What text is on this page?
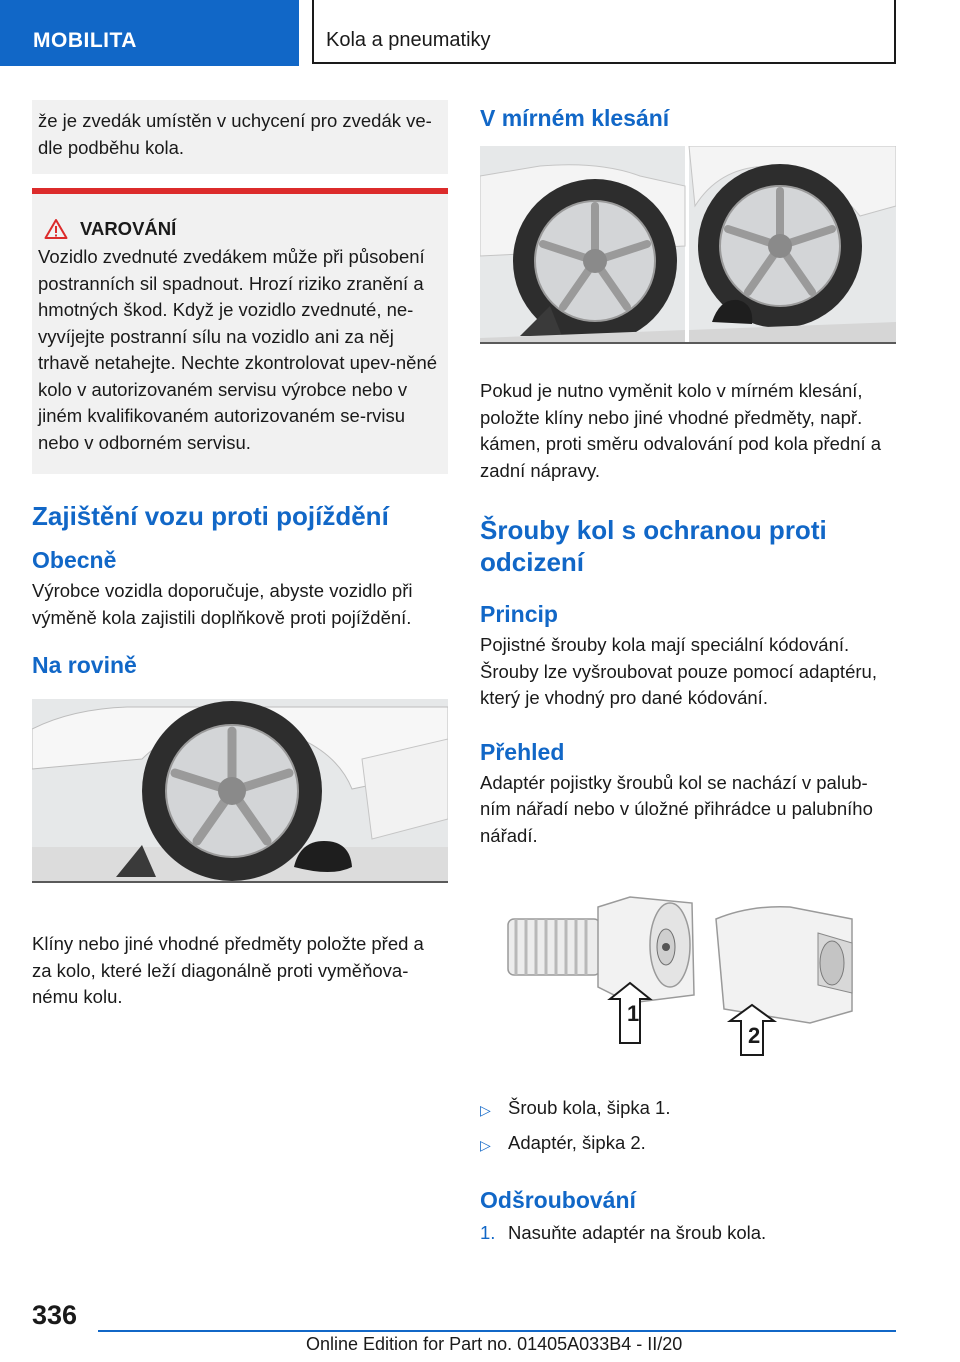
MOBILITA	Kola a pneumatiky

že je zvedák umístěn v uchycení pro zvedák ve-dle podběhu kola.

VAROVÁNÍ

Vozidlo zvednuté zvedákem může při působení postranních sil spadnout. Hrozí riziko zranění a hmotných škod. Když je vozidlo zvednuté, ne-vyvíjejte postranní sílu na vozidlo ani za něj trhavě netahejte. Nechte zkontrolovat upev-něné kolo v autorizovaném servisu výrobce nebo v jiném kvalifikovaném autorizovaném se-rvisu nebo v odborném servisu.

Zajištění vozu proti pojíždění
Obecně

Výrobce vozidla doporučuje, abyste vozidlo při výměně kola zajistili doplňkově proti pojíždění.

Na rovině

Klíny nebo jiné vhodné předměty položte před a za kolo, které leží diagonálně proti vyměňova-nému kolu.

V mírném klesání

Pokud je nutno vyměnit kolo v mírném klesání, položte klíny nebo jiné vhodné předměty, např. kámen, proti směru odvalování pod kola přední a zadní nápravy.

Šrouby kol s ochranou proti odcizení
Princip

Pojistné šrouby kola mají speciální kódování. Šrouby lze vyšroubovat pouze pomocí adaptéru, který je vhodný pro dané kódování.

Přehled

Adaptér pojistky šroubů kol se nachází v palub-ním nářadí nebo v úložné přihrádce u palubního nářadí.

1
2
▷ Šroub kola, šipka 1.
▷ Adaptér, šipka 2.
Odšroubování
1. Nasuňte adaptér na šroub kola.
336
Online Edition for Part no. 01405A033B4 - II/20
